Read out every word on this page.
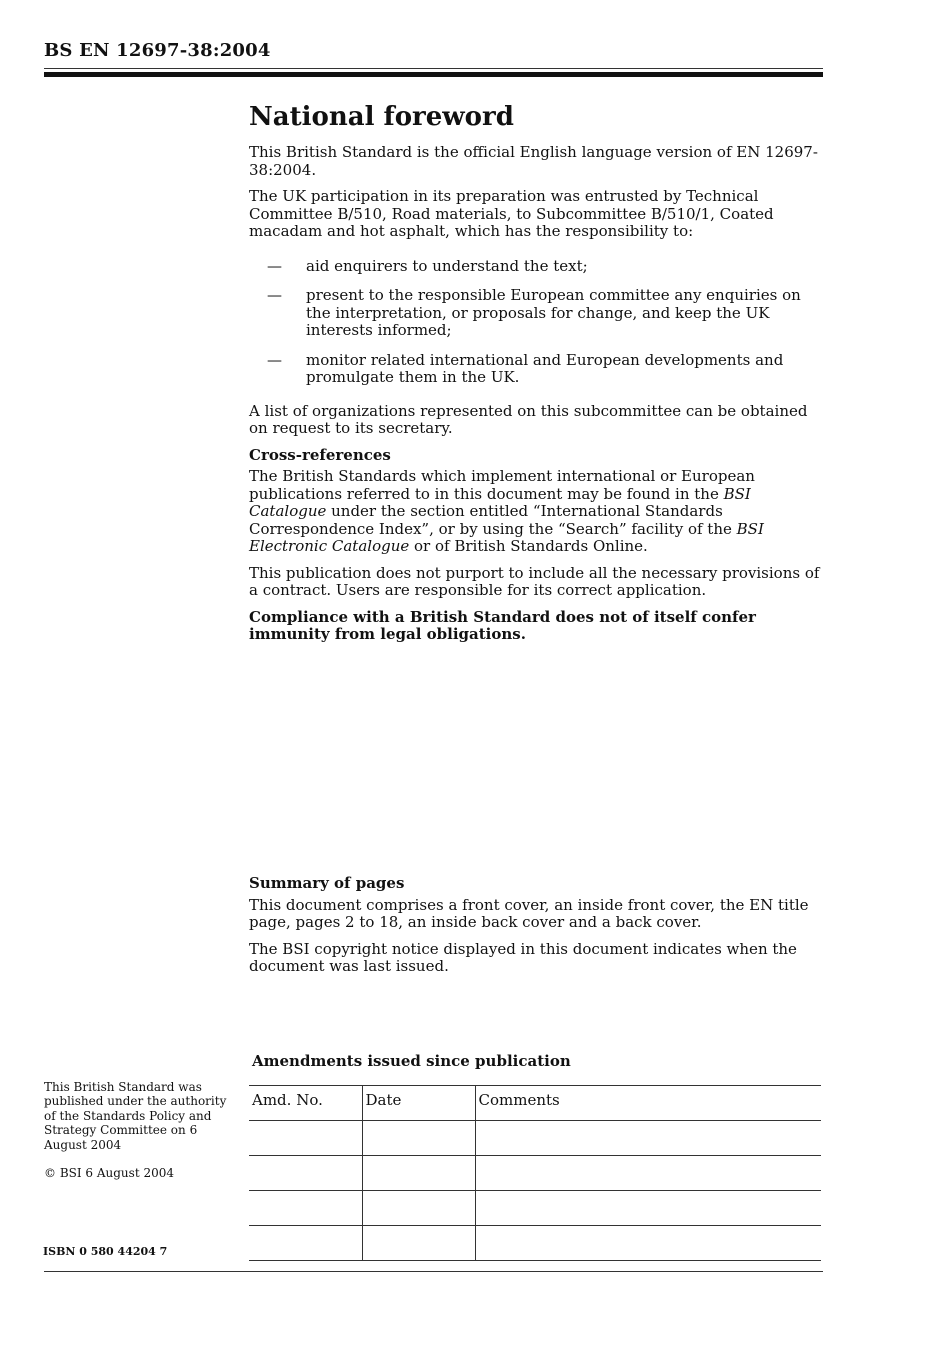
BS EN 12697-38:2004
National foreword
This British Standard is the official English language version of EN 12697-38:2004.
The UK participation in its preparation was entrusted by Technical Committee B/510, Road materials, to Subcommittee B/510/1, Coated macadam and hot asphalt, which has the responsibility to:
—	aid enquirers to understand the text;
—	present to the responsible European committee any enquiries on the interpretation, or proposals for change, and keep the UK interests informed;
—	monitor related international and European developments and promulgate them in the UK.
A list of organizations represented on this subcommittee can be obtained on request to its secretary.
Cross-references
The British Standards which implement international or European publications referred to in this document may be found in the BSI Catalogue under the section entitled “International Standards Correspondence Index”, or by using the “Search” facility of the BSI Electronic Catalogue or of British Standards Online.
This publication does not purport to include all the necessary provisions of a contract. Users are responsible for its correct application.
Compliance with a British Standard does not of itself confer immunity from legal obligations.
Summary of pages
This document comprises a front cover, an inside front cover, the EN title page, pages 2 to 18, an inside back cover and a back cover.
The BSI copyright notice displayed in this document indicates when the document was last issued.
Amendments issued since publication
Amd. No.	Date	Comments

This British Standard was published under the authority of the Standards Policy and Strategy Committee on 6 August 2004
© BSI 6 August 2004
ISBN 0 580 44204 7
